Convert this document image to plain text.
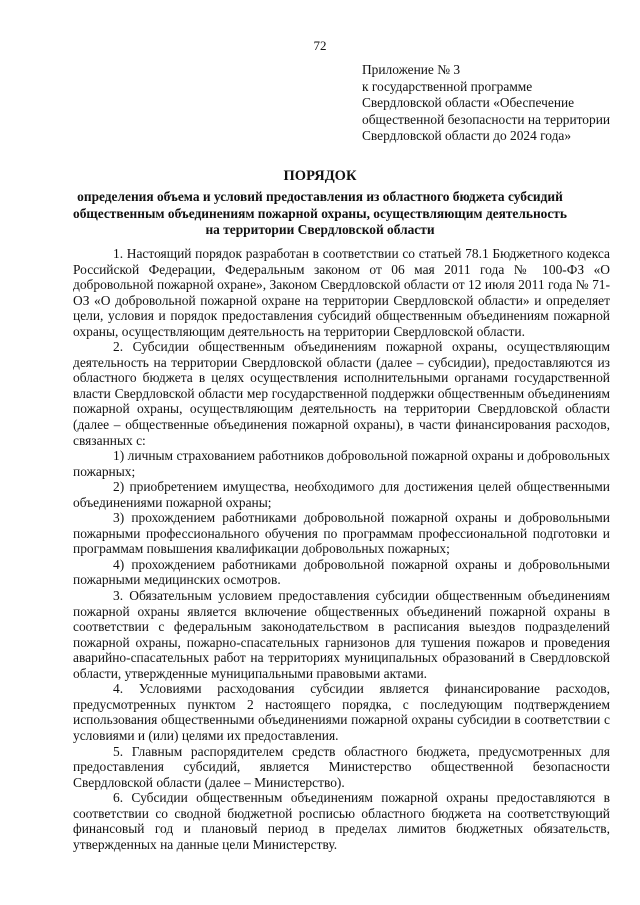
72
Приложение № 3
к государственной программе
Свердловской области «Обеспечение
общественной безопасности на территории
Свердловской области до 2024 года»
ПОРЯДОК
определения объема и условий предоставления из областного бюджета субсидий
общественным объединениям пожарной охраны, осуществляющим деятельность
на территории Свердловской области

1. Настоящий порядок разработан в соответствии со статьей 78.1 Бюджетного кодекса Российской Федерации, Федеральным законом от 06 мая 2011 года № 100-ФЗ «О добровольной пожарной охране», Законом Свердловской области от 12 июля 2011 года № 71-ОЗ «О добровольной пожарной охране на территории Свердловской области» и определяет цели, условия и порядок предоставления субсидий общественным объединениям пожарной охраны, осуществляющим деятельность на территории Свердловской области.

2. Субсидии общественным объединениям пожарной охраны, осуществляющим деятельность на территории Свердловской области (далее – субсидии), предоставляются из областного бюджета в целях осуществления исполнительными органами государственной власти Свердловской области мер государственной поддержки общественным объединениям пожарной охраны, осуществляющим деятельность на территории Свердловской области (далее – общественные объединения пожарной охраны), в части финансирования расходов, связанных с:

1) личным страхованием работников добровольной пожарной охраны и добровольных пожарных;

2) приобретением имущества, необходимого для достижения целей общественными объединениями пожарной охраны;

3) прохождением работниками добровольной пожарной охраны и добровольными пожарными профессионального обучения по программам профессиональной подготовки и программам повышения квалификации добровольных пожарных;

4) прохождением работниками добровольной пожарной охраны и добровольными пожарными медицинских осмотров.

3. Обязательным условием предоставления субсидии общественным объединениям пожарной охраны является включение общественных объединений пожарной охраны в соответствии с федеральным законодательством в расписания выездов подразделений пожарной охраны, пожарно-спасательных гарнизонов для тушения пожаров и проведения аварийно-спасательных работ на территориях муниципальных образований в Свердловской области, утвержденные муниципальными правовыми актами.

4. Условиями расходования субсидии является финансирование расходов, предусмотренных пунктом 2 настоящего порядка, с последующим подтверждением использования общественными объединениями пожарной охраны субсидии в соответствии с условиями и (или) целями их предоставления.

5. Главным распорядителем средств областного бюджета, предусмотренных для предоставления субсидий, является Министерство общественной безопасности Свердловской области (далее – Министерство).

6. Субсидии общественным объединениям пожарной охраны предоставляются в соответствии со сводной бюджетной росписью областного бюджета на соответствующий финансовый год и плановый период в пределах лимитов бюджетных обязательств, утвержденных на данные цели Министерству.
